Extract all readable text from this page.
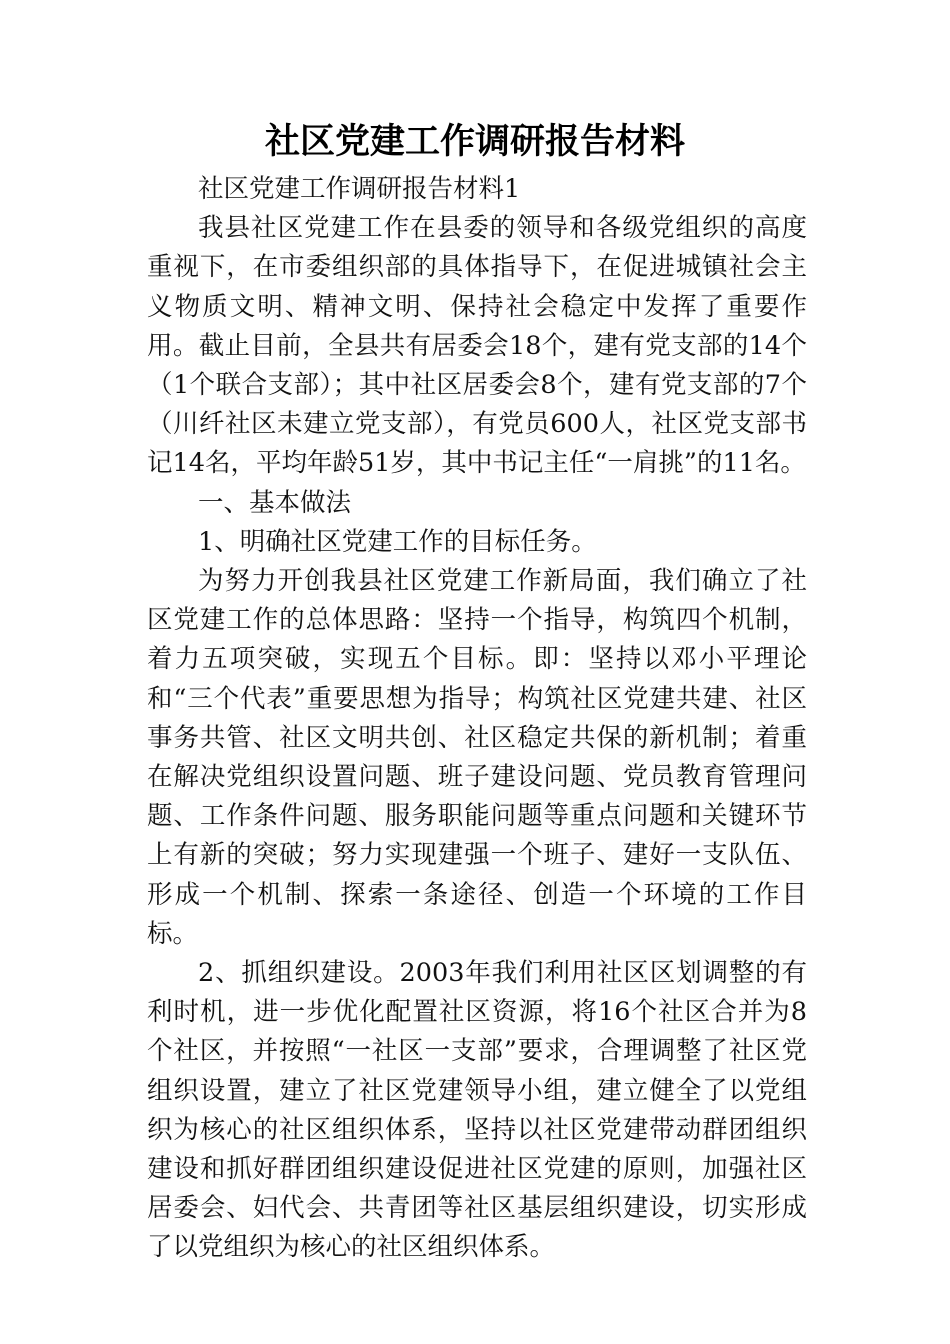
社区党建工作调研报告材料

社区党建工作调研报告材料1

我县社区党建工作在县委的领导和各级党组织的高度重视下，在市委组织部的具体指导下，在促进城镇社会主义物质文明、精神文明、保持社会稳定中发挥了重要作用。截止目前，全县共有居委会18个，建有党支部的14个（1个联合支部）；其中社区居委会8个，建有党支部的7个（川纤社区未建立党支部），有党员600人，社区党支部书记14名，平均年龄51岁，其中书记主任“一肩挑”的11名。

一、基本做法

1、明确社区党建工作的目标任务。

为努力开创我县社区党建工作新局面，我们确立了社区党建工作的总体思路：坚持一个指导，构筑四个机制，着力五项突破，实现五个目标。即：坚持以邓小平理论和“三个代表”重要思想为指导；构筑社区党建共建、社区事务共管、社区文明共创、社区稳定共保的新机制；着重在解决党组织设置问题、班子建设问题、党员教育管理问题、工作条件问题、服务职能问题等重点问题和关键环节上有新的突破；努力实现建强一个班子、建好一支队伍、形成一个机制、探索一条途径、创造一个环境的工作目标。

2、抓组织建设。2003年我们利用社区区划调整的有利时机，进一步优化配置社区资源，将16个社区合并为8个社区，并按照“一社区一支部”要求，合理调整了社区党组织设置，建立了社区党建领导小组，建立健全了以党组织为核心的社区组织体系，坚持以社区党建带动群团组织建设和抓好群团组织建设促进社区党建的原则，加强社区居委会、妇代会、共青团等社区基层组织建设，切实形成了以党组织为核心的社区组织体系。
